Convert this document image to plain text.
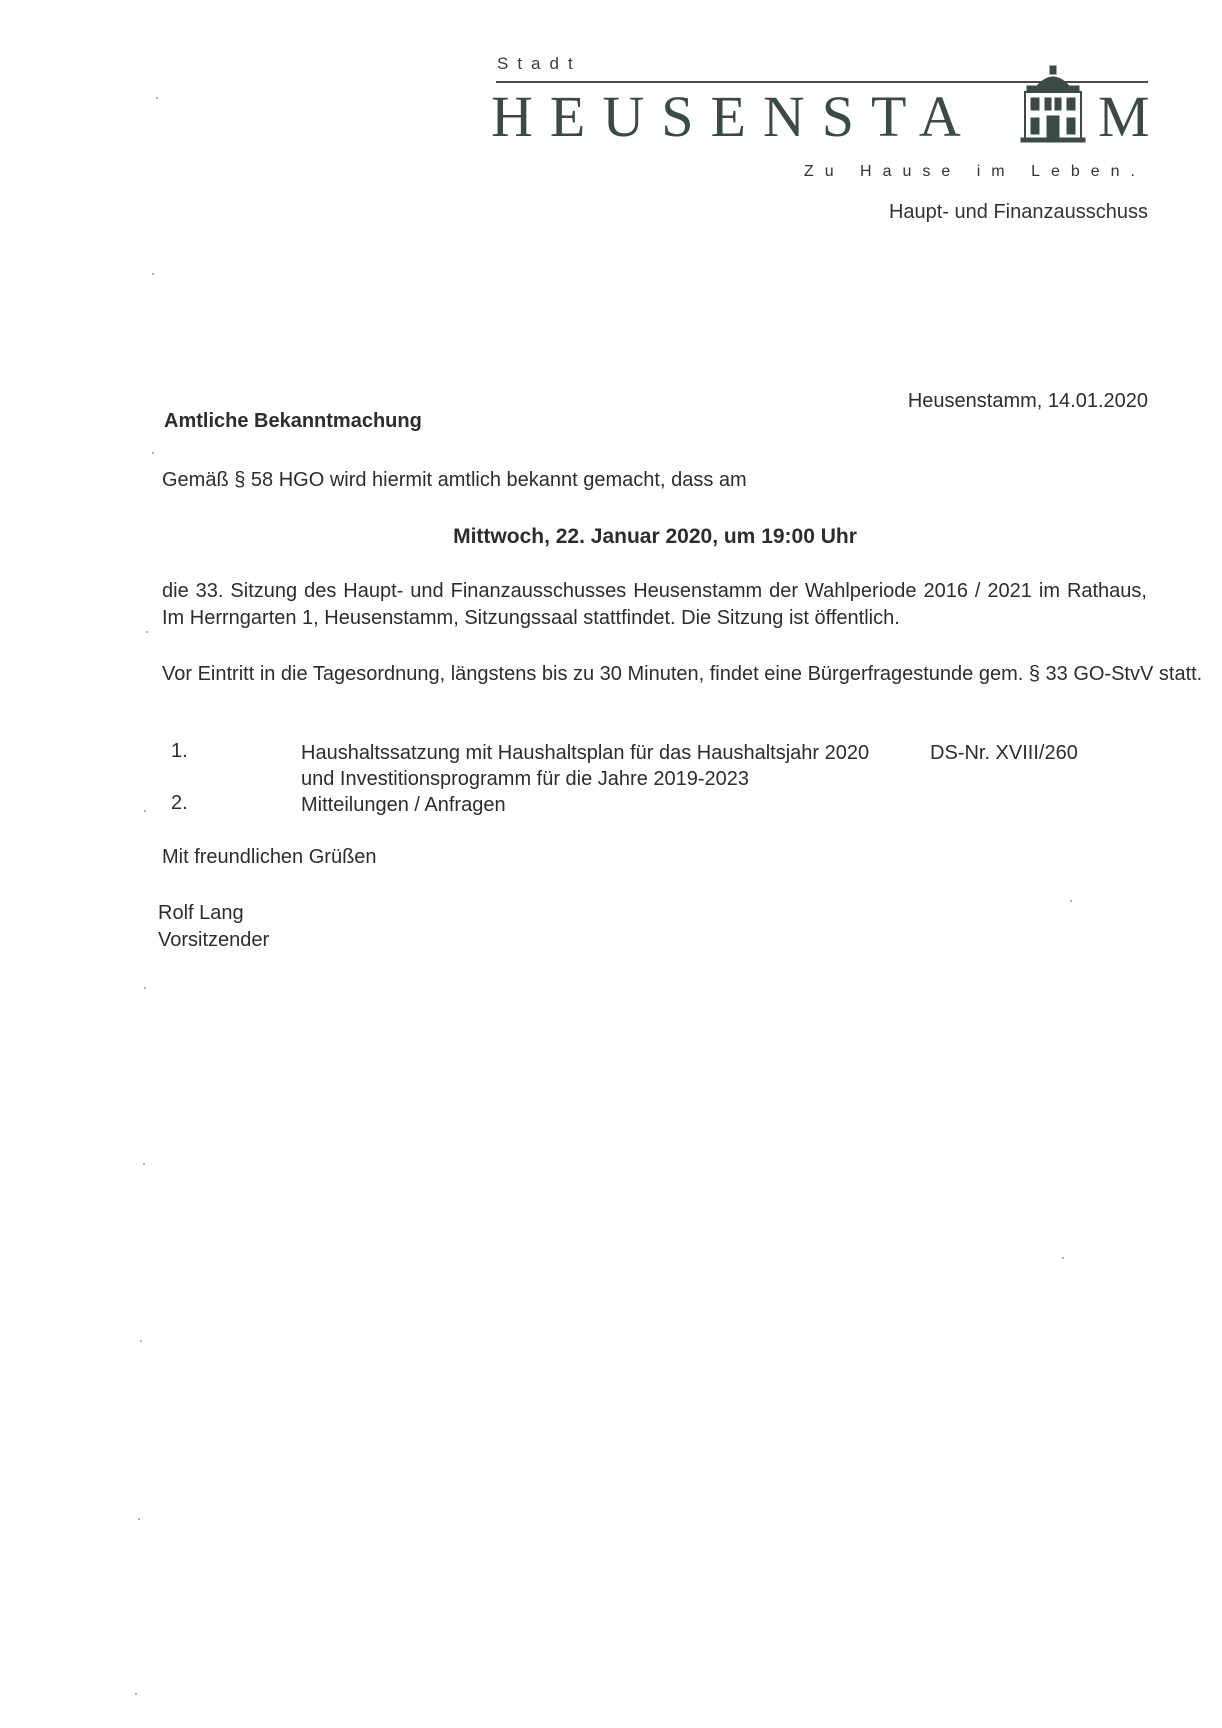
Stadt
HEUSENSTA M
Zu Hause im Leben.
Haupt- und Finanzausschuss
Heusenstamm, 14.01.2020
Amtliche Bekanntmachung
Gemäß § 58 HGO wird hiermit amtlich bekannt gemacht, dass am
Mittwoch, 22. Januar 2020, um 19:00 Uhr
die 33. Sitzung des Haupt- und Finanzausschusses Heusenstamm der Wahlperiode 2016 / 2021 im Rathaus, Im Herrngarten 1, Heusenstamm, Sitzungssaal stattfindet. Die Sitzung ist öffentlich.
Vor Eintritt in die Tagesordnung, längstens bis zu 30 Minuten, findet eine Bürgerfragestunde gem. § 33 GO-StvV statt.
1.	Haushaltssatzung mit Haushaltsplan für das Haushaltsjahr 2020 und Investitionsprogramm für die Jahre 2019-2023
DS-Nr. XVIII/260
2.	Mitteilungen / Anfragen
Mit freundlichen Grüßen
Rolf Lang
Vorsitzender
